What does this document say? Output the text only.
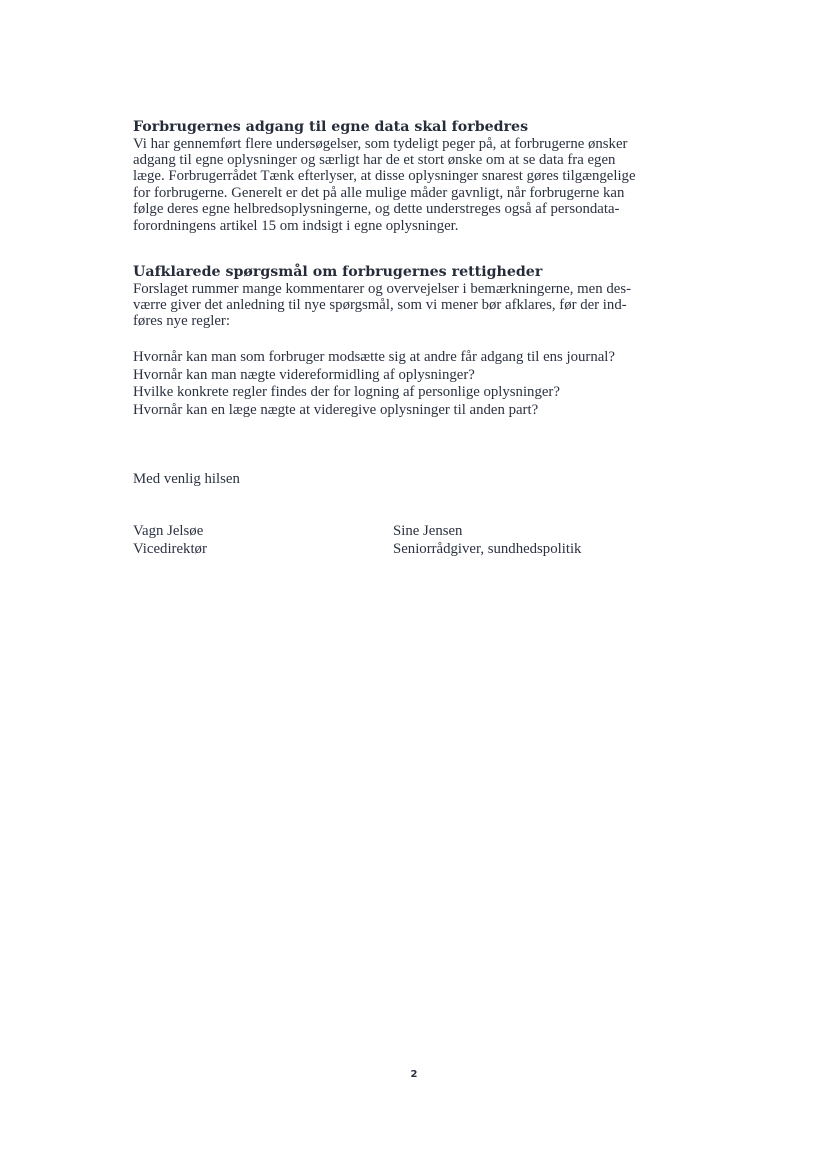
Forbrugernes adgang til egne data skal forbedres

Vi har gennemført flere undersøgelser, som tydeligt peger på, at forbrugerne ønsker

adgang til egne oplysninger og særligt har de et stort ønske om at se data fra egen

læge. Forbrugerrådet Tænk efterlyser, at disse oplysninger snarest gøres tilgængelige

for forbrugerne. Generelt er det på alle mulige måder gavnligt, når forbrugerne kan

følge deres egne helbredsoplysningerne, og dette understreges også af persondata-

forordningens artikel 15 om indsigt i egne oplysninger.

Uafklarede spørgsmål om forbrugernes rettigheder

Forslaget rummer mange kommentarer og overvejelser i bemærkningerne, men des-

værre giver det anledning til nye spørgsmål, som vi mener bør afklares, før der ind-

føres nye regler:

Hvornår kan man som forbruger modsætte sig at andre får adgang til ens journal?

Hvornår kan man nægte videreformidling af oplysninger?

Hvilke konkrete regler findes der for logning af personlige oplysninger?

Hvornår kan en læge nægte at videregive oplysninger til anden part?

Med venlig hilsen
Vagn Jelsøe
Vicedirektør
Sine Jensen
Seniorrådgiver, sundhedspolitik
2
